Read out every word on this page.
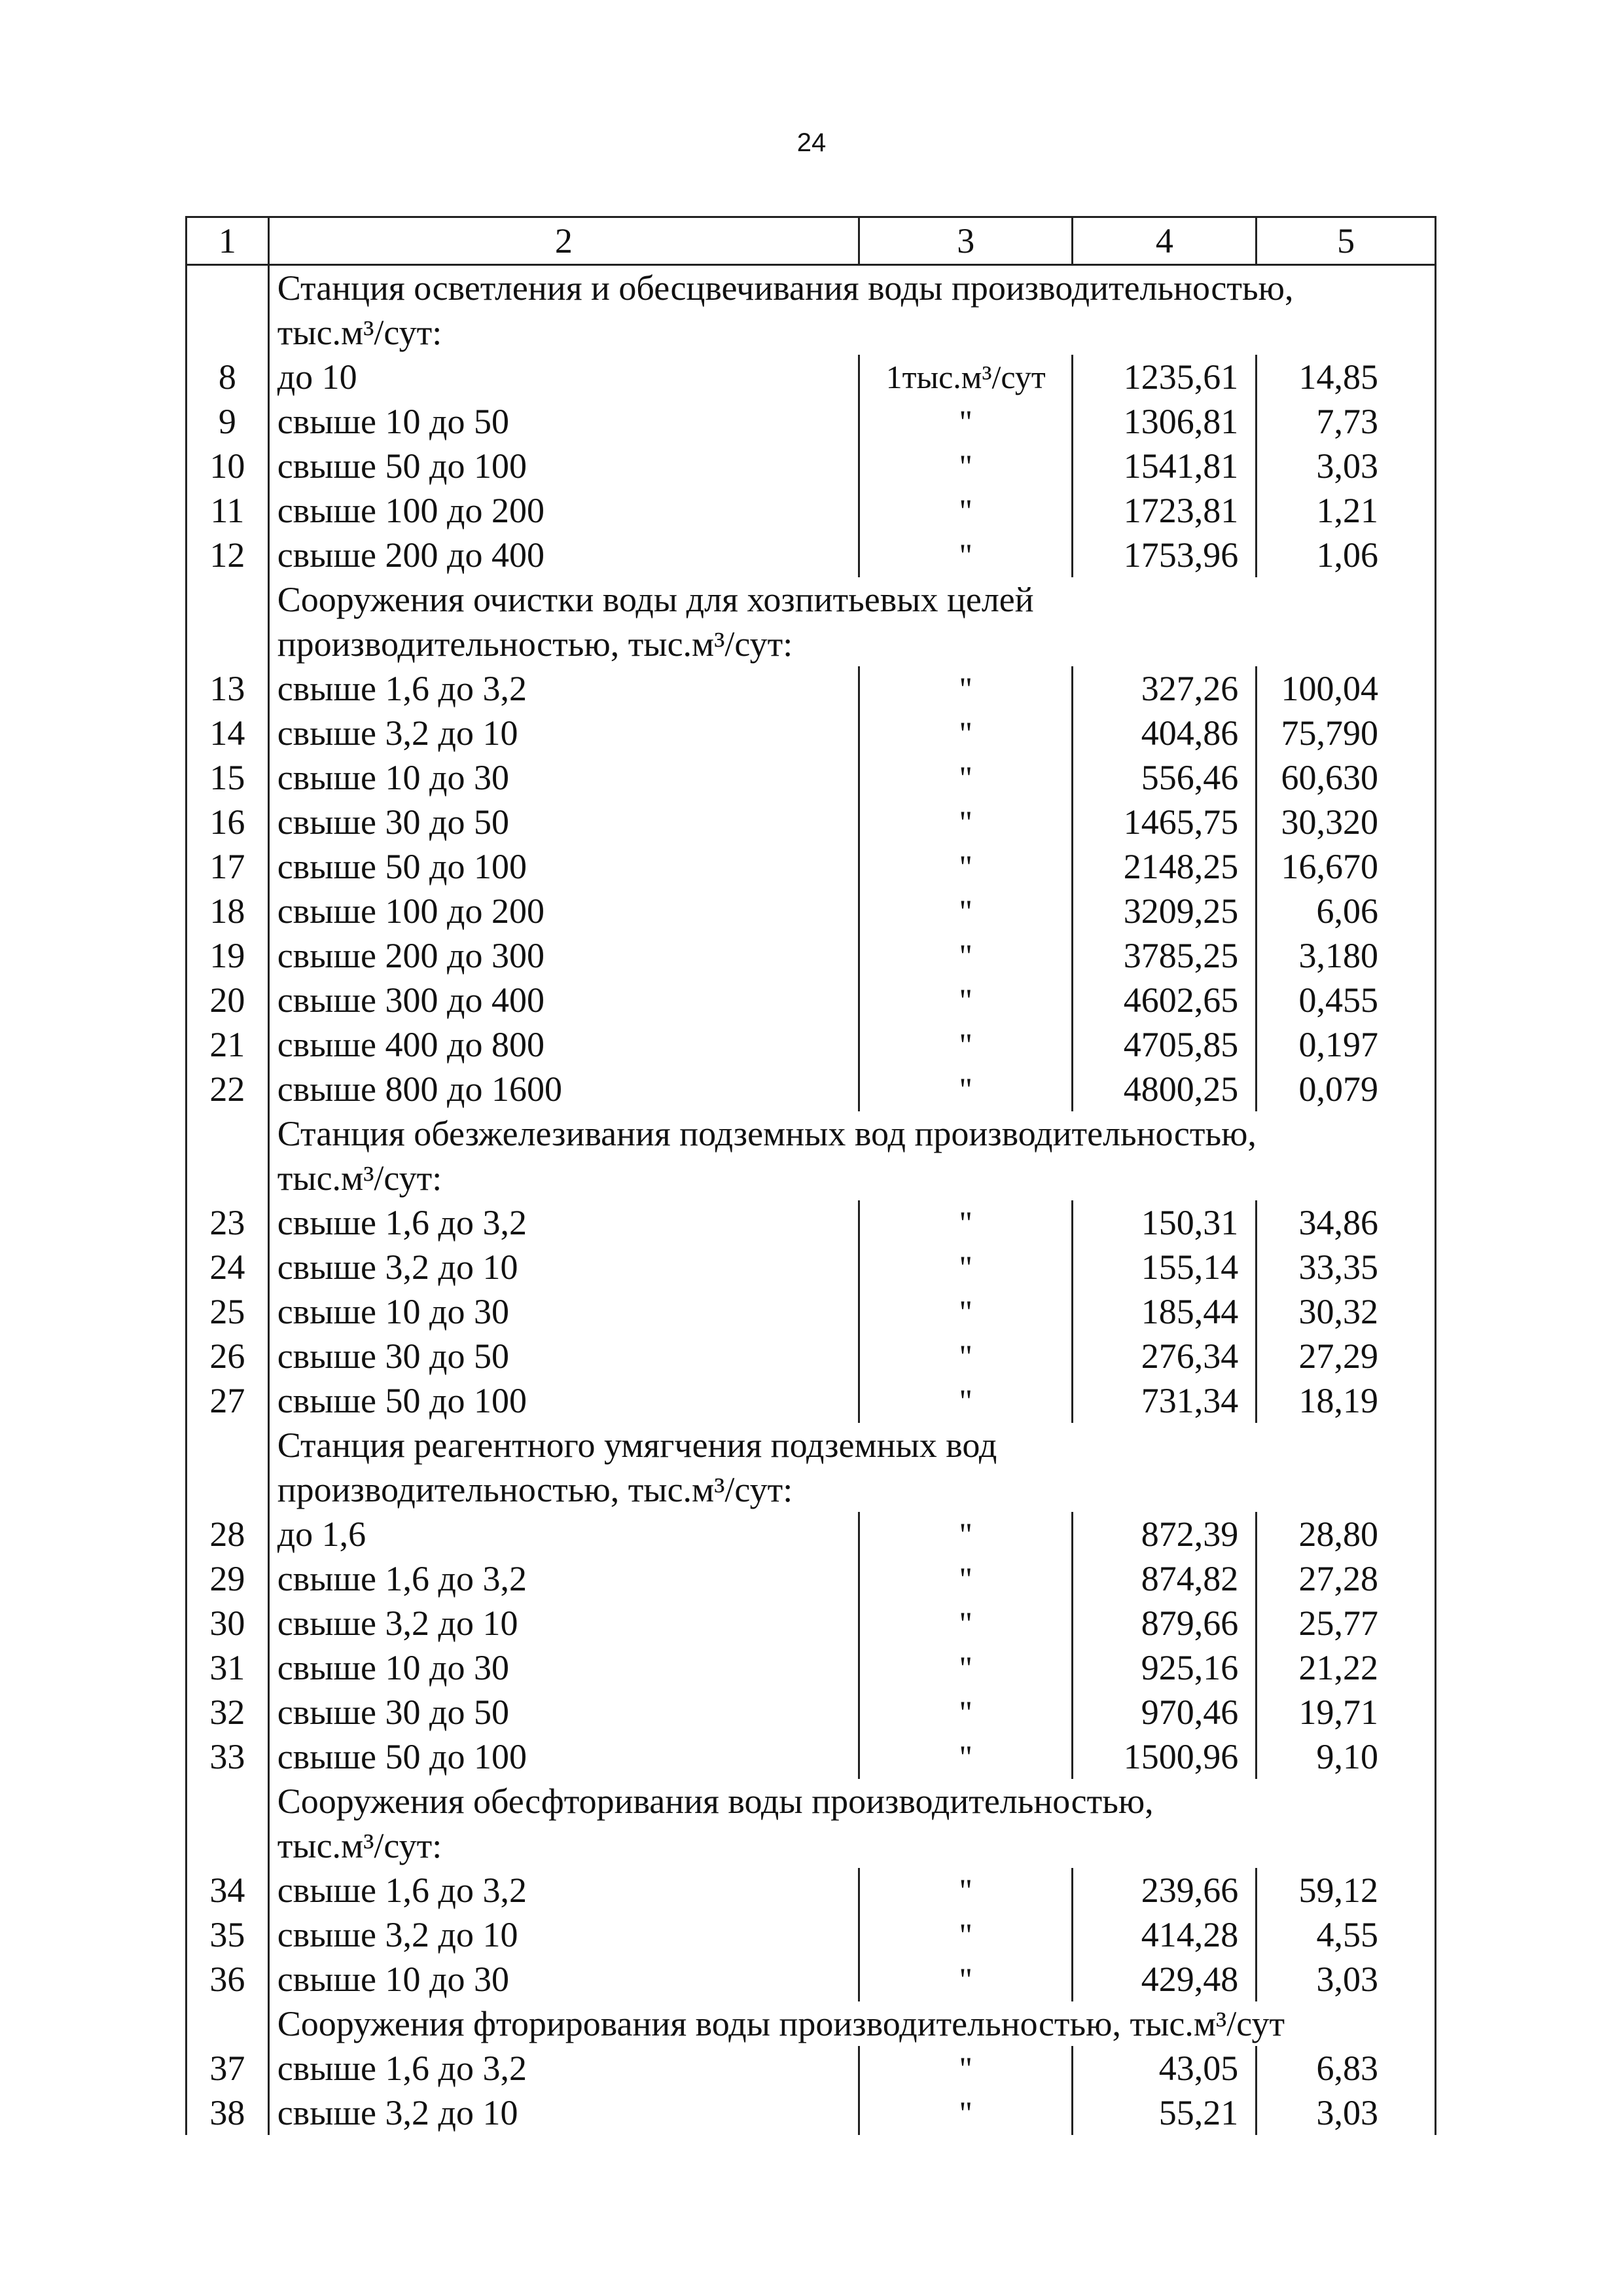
24
1	2	3	4	5

	Станция осветления и обесцвечивания воды производительностью,
тыс.м³/сут:			

8	до 10	1тыс.м³/сут	1235,61	14,85
9	свыше 10 до 50	"	1306,81	7,73
10	свыше 50 до 100	"	1541,81	3,03
11	свыше 100 до 200	"	1723,81	1,21
12	свыше 200 до 400	"	1753,96	1,06

	Сооружения очистки воды для хозпитьевых целей
производительностью, тыс.м³/сут:			

13	свыше 1,6 до 3,2	"	327,26	100,04
14	свыше 3,2 до 10	"	404,86	75,790
15	свыше 10 до 30	"	556,46	60,630
16	свыше 30 до 50	"	1465,75	30,320
17	свыше 50 до 100	"	2148,25	16,670
18	свыше 100 до 200	"	3209,25	6,06
19	свыше 200 до 300	"	3785,25	3,180
20	свыше 300 до 400	"	4602,65	0,455
21	свыше 400 до 800	"	4705,85	0,197
22	свыше 800 до 1600	"	4800,25	0,079

	Станция обезжелезивания подземных вод производительностью,
тыс.м³/сут:			

23	свыше 1,6 до 3,2	"	150,31	34,86
24	свыше 3,2 до 10	"	155,14	33,35
25	свыше 10 до 30	"	185,44	30,32
26	свыше 30 до 50	"	276,34	27,29
27	свыше 50 до 100	"	731,34	18,19

	Станция реагентного умягчения подземных вод
производительностью, тыс.м³/сут:			

28	до 1,6	"	872,39	28,80
29	свыше 1,6 до 3,2	"	874,82	27,28
30	свыше 3,2 до 10	"	879,66	25,77
31	свыше 10 до 30	"	925,16	21,22
32	свыше 30 до 50	"	970,46	19,71
33	свыше 50 до 100	"	1500,96	9,10

	Сооружения обесфторивания воды производительностью,
тыс.м³/сут:			

34	свыше 1,6 до 3,2	"	239,66	59,12
35	свыше 3,2 до 10	"	414,28	4,55
36	свыше 10 до 30	"	429,48	3,03

	Сооружения фторирования воды производительностью, тыс.м³/сут			

37	свыше 1,6 до 3,2	"	43,05	6,83
38	свыше 3,2 до 10	"	55,21	3,03
